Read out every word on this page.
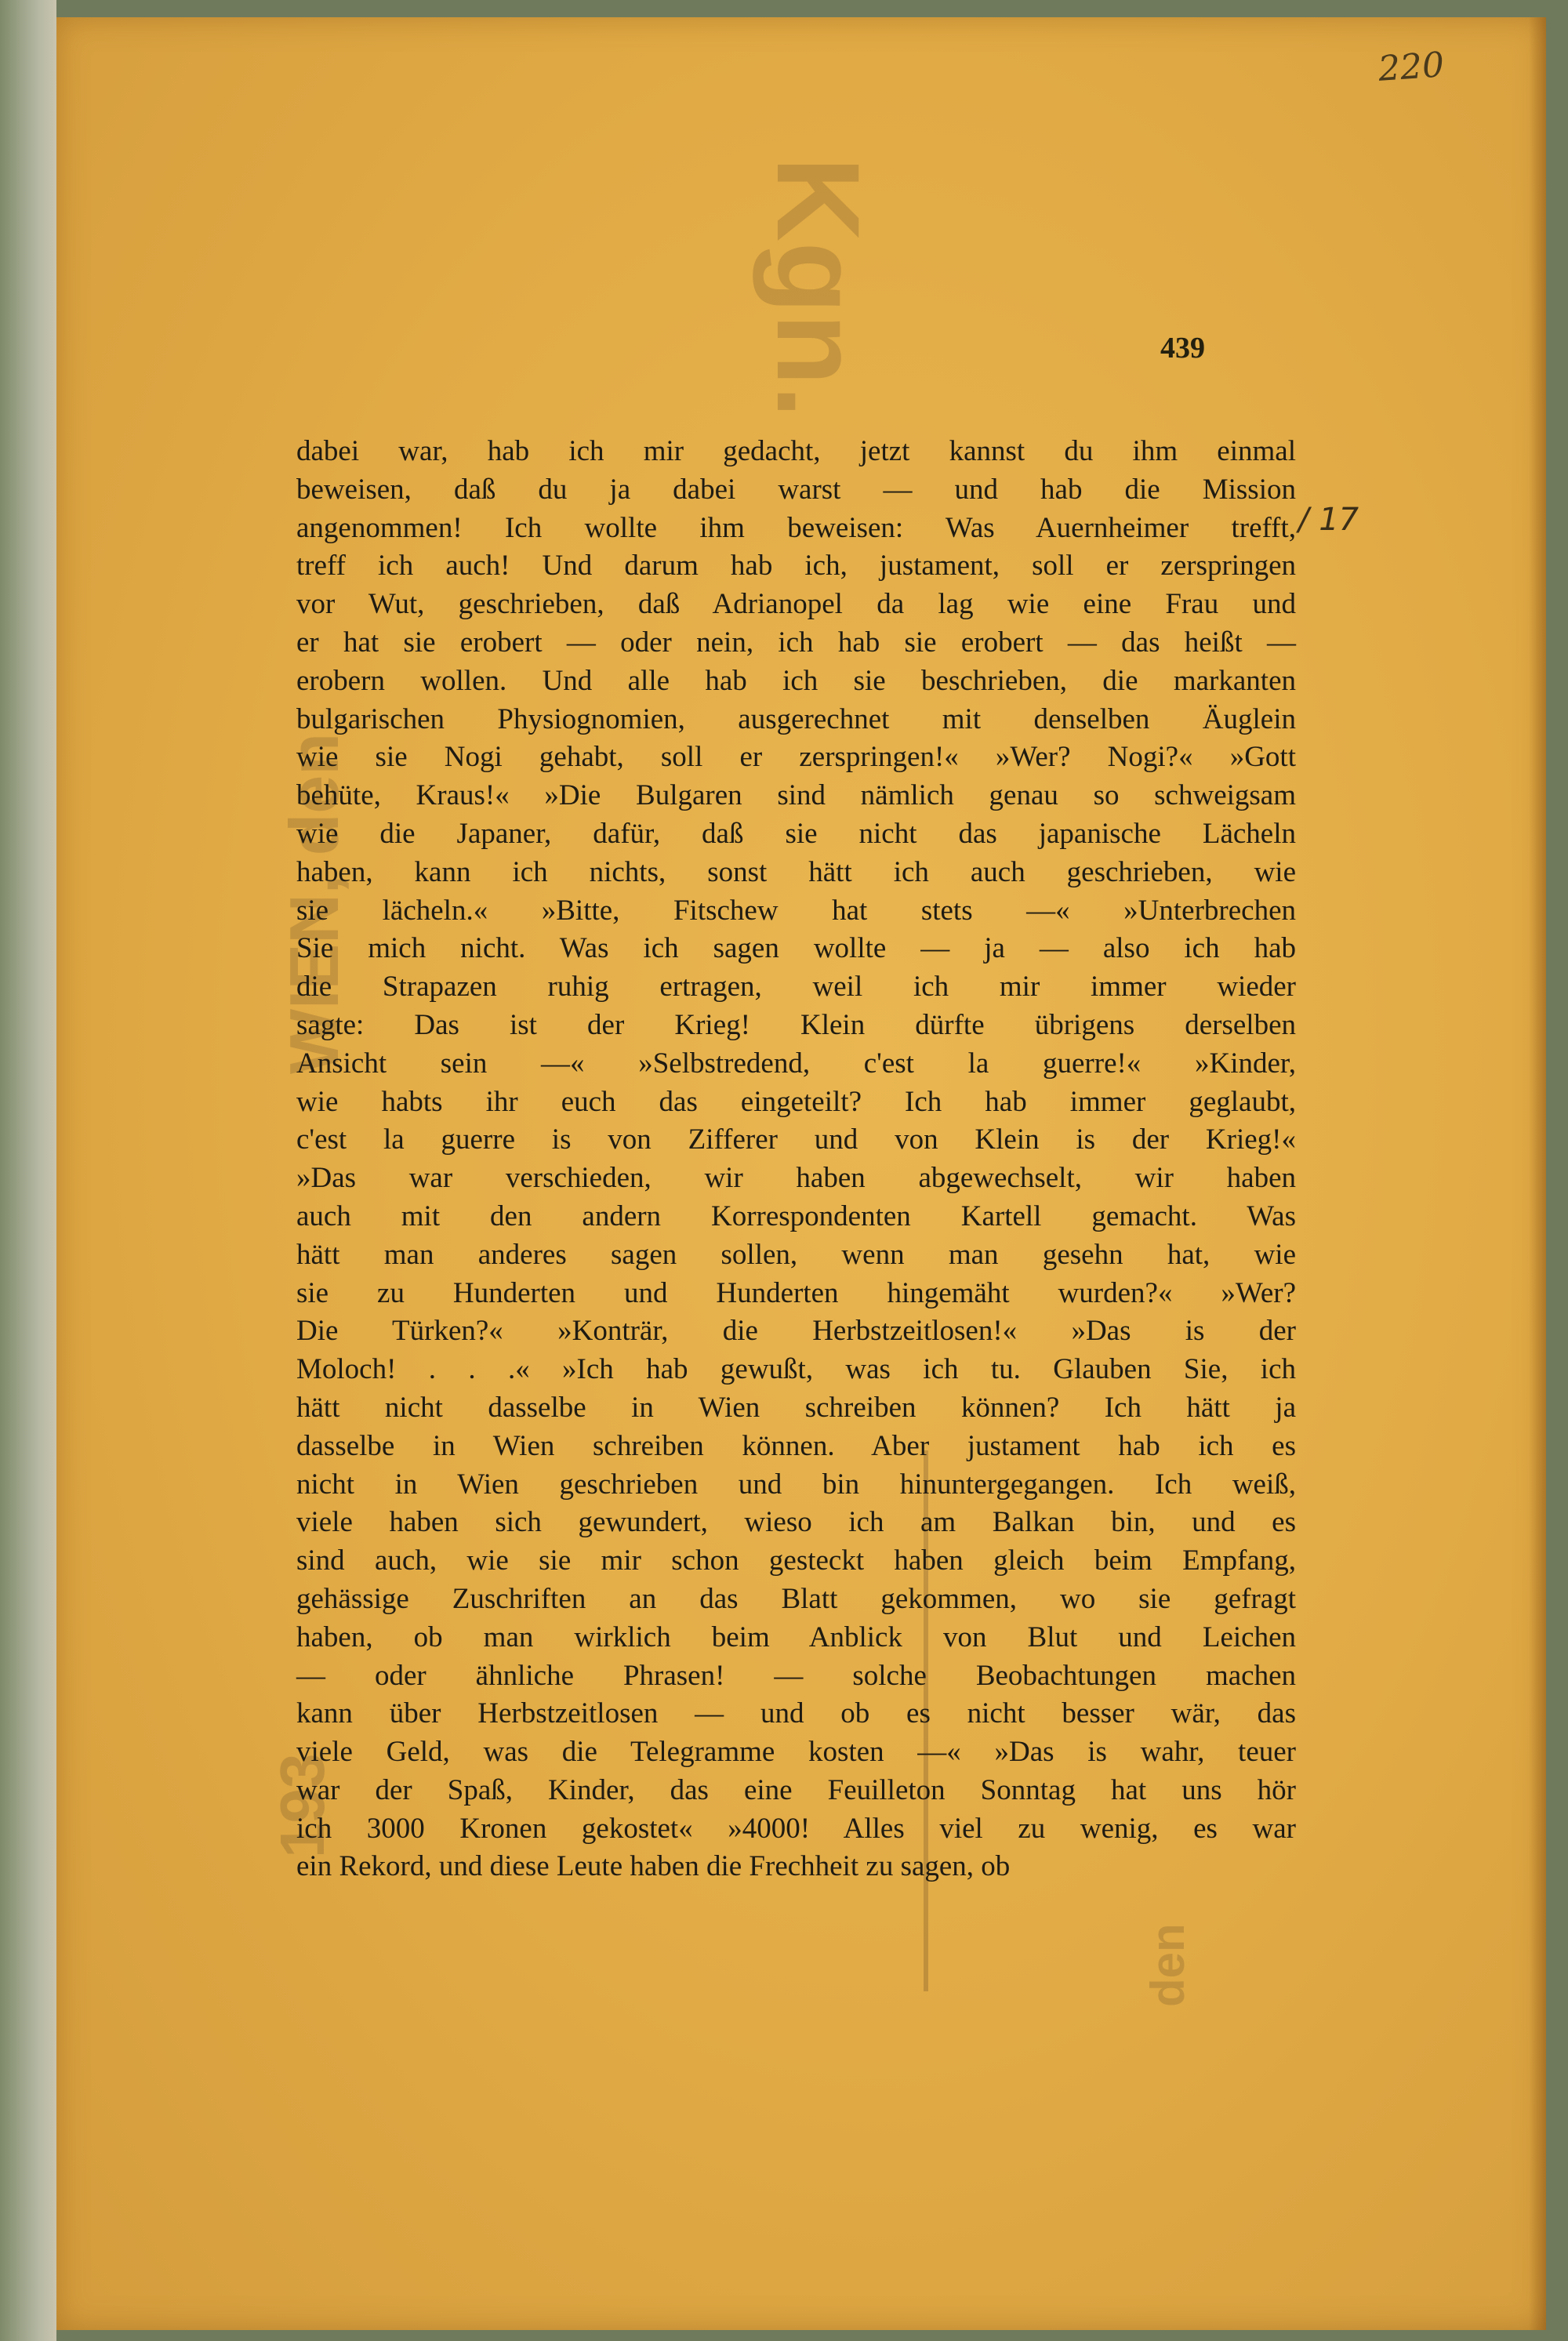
Kgn.
WIEN, den
193
den
220
439
/ 17
dabei war, hab ich mir gedacht, jetzt kannst du ihm einmal
beweisen, daß du ja dabei warst — und hab die Mission
angenommen! Ich wollte ihm beweisen: Was Auernheimer trefft,
treff ich auch! Und darum hab ich, justament, soll er zerspringen
vor Wut, geschrieben, daß Adrianopel da lag wie eine Frau und
er hat sie erobert — oder nein, ich hab sie erobert — das heißt —
erobern wollen. Und alle hab ich sie beschrieben, die markanten
bulgarischen Physiognomien, ausgerechnet mit denselben Äuglein
wie sie Nogi gehabt, soll er zerspringen!« »Wer? Nogi?« »Gott
behüte, Kraus!« »Die Bulgaren sind nämlich genau so schweigsam
wie die Japaner, dafür, daß sie nicht das japanische Lächeln
haben, kann ich nichts, sonst hätt ich auch geschrieben, wie
sie lächeln.« »Bitte, Fitschew hat stets —« »Unterbrechen
Sie mich nicht. Was ich sagen wollte — ja — also ich hab
die Strapazen ruhig ertragen, weil ich mir immer wieder
sagte: Das ist der Krieg! Klein dürfte übrigens derselben
Ansicht sein —« »Selbstredend, c'est la guerre!« »Kinder,
wie habts ihr euch das eingeteilt? Ich hab immer geglaubt,
c'est la guerre is von Zifferer und von Klein is der Krieg!«
»Das war verschieden, wir haben abgewechselt, wir haben
auch mit den andern Korrespondenten Kartell gemacht. Was
hätt man anderes sagen sollen, wenn man gesehn hat, wie
sie zu Hunderten und Hunderten hingemäht wurden?« »Wer?
Die Türken?« »Konträr, die Herbstzeitlosen!« »Das is der
Moloch! . . .« »Ich hab gewußt, was ich tu. Glauben Sie, ich
hätt nicht dasselbe in Wien schreiben können? Ich hätt ja
dasselbe in Wien schreiben können. Aber justament hab ich es
nicht in Wien geschrieben und bin hinuntergegangen. Ich weiß,
viele haben sich gewundert, wieso ich am Balkan bin, und es
sind auch, wie sie mir schon gesteckt haben gleich beim Empfang,
gehässige Zuschriften an das Blatt gekommen, wo sie gefragt
haben, ob man wirklich beim Anblick von Blut und Leichen
— oder ähnliche Phrasen! — solche Beobachtungen machen
kann über Herbstzeitlosen — und ob es nicht besser wär, das
viele Geld, was die Telegramme kosten —« »Das is wahr, teuer
war der Spaß, Kinder, das eine Feuilleton Sonntag hat uns hör
ich 3000 Kronen gekostet« »4000! Alles viel zu wenig, es war
ein Rekord, und diese Leute haben die Frechheit zu sagen, ob
